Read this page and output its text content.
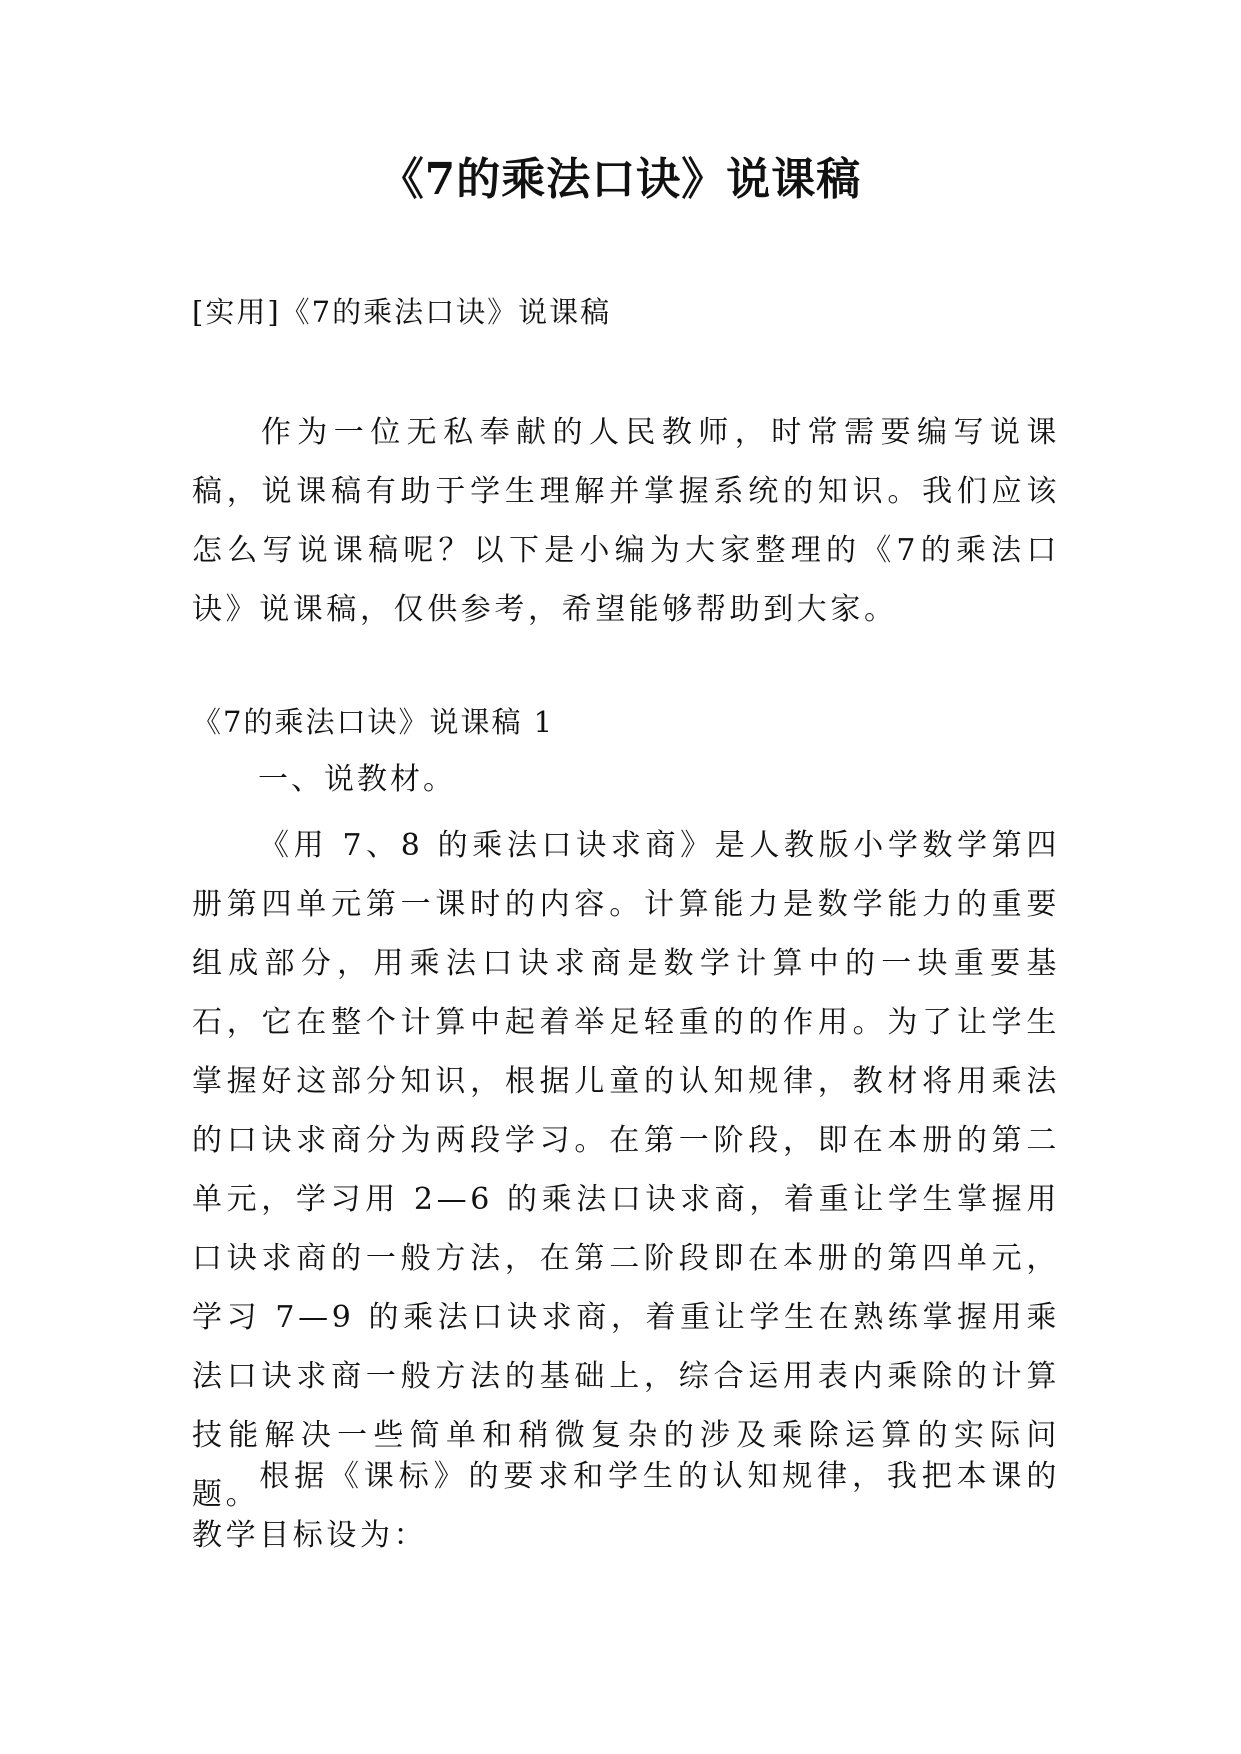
《7的乘法口诀》说课稿
[实用]《7的乘法口诀》说课稿

作为一位无私奉献的人民教师，时常需要编写说课稿，说课稿有助于学生理解并掌握系统的知识。我们应该怎么写说课稿呢？以下是小编为大家整理的《7的乘法口诀》说课稿，仅供参考，希望能够帮助到大家。

《7的乘法口诀》说课稿 1
一、说教材。

《用 7、8 的乘法口诀求商》是人教版小学数学第四册第四单元第一课时的内容。计算能力是数学能力的重要组成部分，用乘法口诀求商是数学计算中的一块重要基石，它在整个计算中起着举足轻重的的作用。为了让学生掌握好这部分知识，根据儿童的认知规律，教材将用乘法的口诀求商分为两段学习。在第一阶段，即在本册的第二单元，学习用 2—6 的乘法口诀求商，着重让学生掌握用口诀求商的一般方法，在第二阶段即在本册的第四单元，学习 7—9 的乘法口诀求商，着重让学生在熟练掌握用乘法口诀求商一般方法的基础上，综合运用表内乘除的计算技能解决一些简单和稍微复杂的涉及乘除运算的实际问题。

根据《课标》的要求和学生的认知规律，我把本课的教学目标设为：
